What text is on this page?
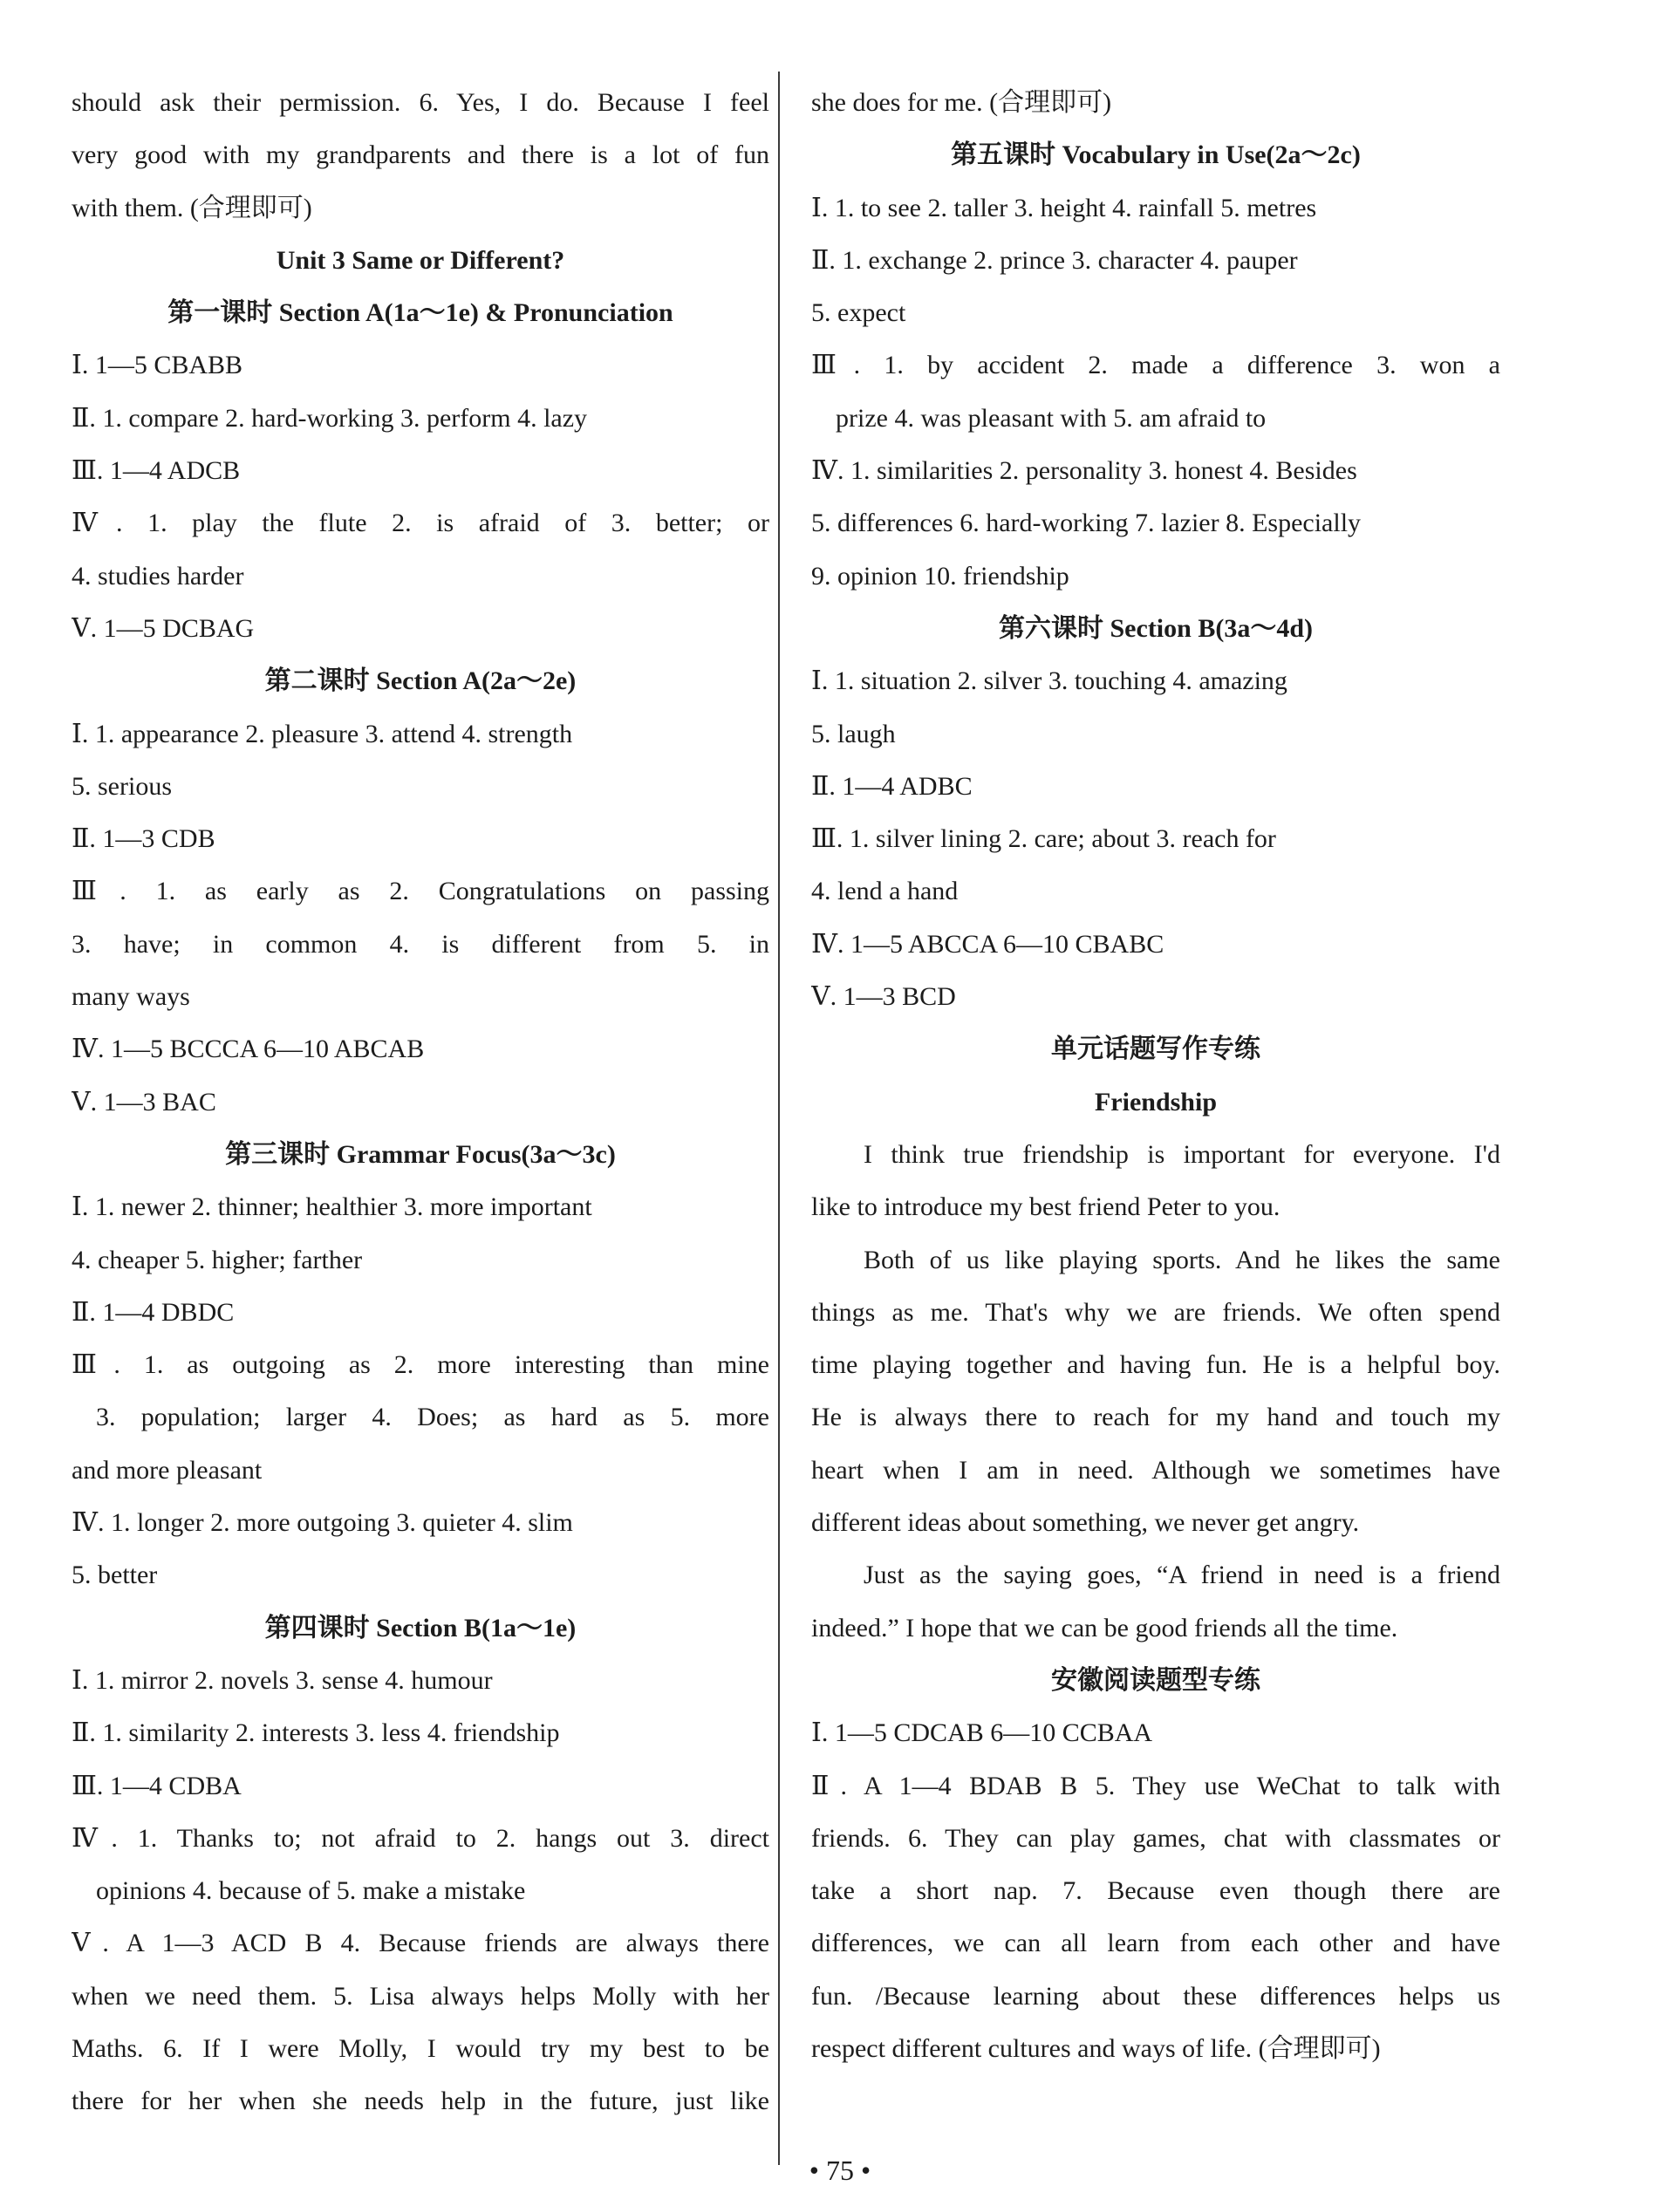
should ask their permission. 6. Yes, I do. Because I feel
very good with my grandparents and there is a lot of fun
with them. (合理即可)
Unit 3 Same or Different?
第一课时 Section A(1a～1e) & Pronunciation
Ⅰ. 1—5 CBABB
Ⅱ. 1. compare 2. hard-working 3. perform 4. lazy
Ⅲ. 1—4 ADCB
Ⅳ. 1. play the flute 2. is afraid of 3. better; or
4. studies harder
Ⅴ. 1—5 DCBAG
第二课时 Section A(2a～2e)
Ⅰ. 1. appearance 2. pleasure 3. attend 4. strength
5. serious
Ⅱ. 1—3 CDB
Ⅲ. 1. as early as 2. Congratulations on passing
3. have; in common 4. is different from 5. in
many ways
Ⅳ. 1—5 BCCCA 6—10 ABCAB
Ⅴ. 1—3 BAC
第三课时 Grammar Focus(3a～3c)
Ⅰ. 1. newer 2. thinner; healthier 3. more important
4. cheaper 5. higher; farther
Ⅱ. 1—4 DBDC
Ⅲ. 1. as outgoing as 2. more interesting than mine
3. population; larger 4. Does; as hard as 5. more
and more pleasant
Ⅳ. 1. longer 2. more outgoing 3. quieter 4. slim
5. better
第四课时 Section B(1a～1e)
Ⅰ. 1. mirror 2. novels 3. sense 4. humour
Ⅱ. 1. similarity 2. interests 3. less 4. friendship
Ⅲ. 1—4 CDBA
Ⅳ. 1. Thanks to; not afraid to 2. hangs out 3. direct
opinions 4. because of 5. make a mistake
Ⅴ. A 1—3 ACD B 4. Because friends are always there
when we need them. 5. Lisa always helps Molly with her
Maths. 6. If I were Molly, I would try my best to be
there for her when she needs help in the future, just like
she does for me. (合理即可)
第五课时 Vocabulary in Use(2a～2c)
Ⅰ. 1. to see 2. taller 3. height 4. rainfall 5. metres
Ⅱ. 1. exchange 2. prince 3. character 4. pauper
5. expect
Ⅲ. 1. by accident 2. made a difference 3. won a
prize 4. was pleasant with 5. am afraid to
Ⅳ. 1. similarities 2. personality 3. honest 4. Besides
5. differences 6. hard-working 7. lazier 8. Especially
9. opinion 10. friendship
第六课时 Section B(3a～4d)
Ⅰ. 1. situation 2. silver 3. touching 4. amazing
5. laugh
Ⅱ. 1—4 ADBC
Ⅲ. 1. silver lining 2. care; about 3. reach for
4. lend a hand
Ⅳ. 1—5 ABCCA 6—10 CBABC
Ⅴ. 1—3 BCD
单元话题写作专练
Friendship
I think true friendship is important for everyone. I'd
like to introduce my best friend Peter to you.
Both of us like playing sports. And he likes the same
things as me. That's why we are friends. We often spend
time playing together and having fun. He is a helpful boy.
He is always there to reach for my hand and touch my
heart when I am in need. Although we sometimes have
different ideas about something, we never get angry.
Just as the saying goes, “A friend in need is a friend
indeed.” I hope that we can be good friends all the time.
安徽阅读题型专练
Ⅰ. 1—5 CDCAB 6—10 CCBAA
Ⅱ. A 1—4 BDAB B 5. They use WeChat to talk with
friends. 6. They can play games, chat with classmates or
take a short nap. 7. Because even though there are
differences, we can all learn from each other and have
fun. /Because learning about these differences helps us
respect different cultures and ways of life. (合理即可)
• 75 •
